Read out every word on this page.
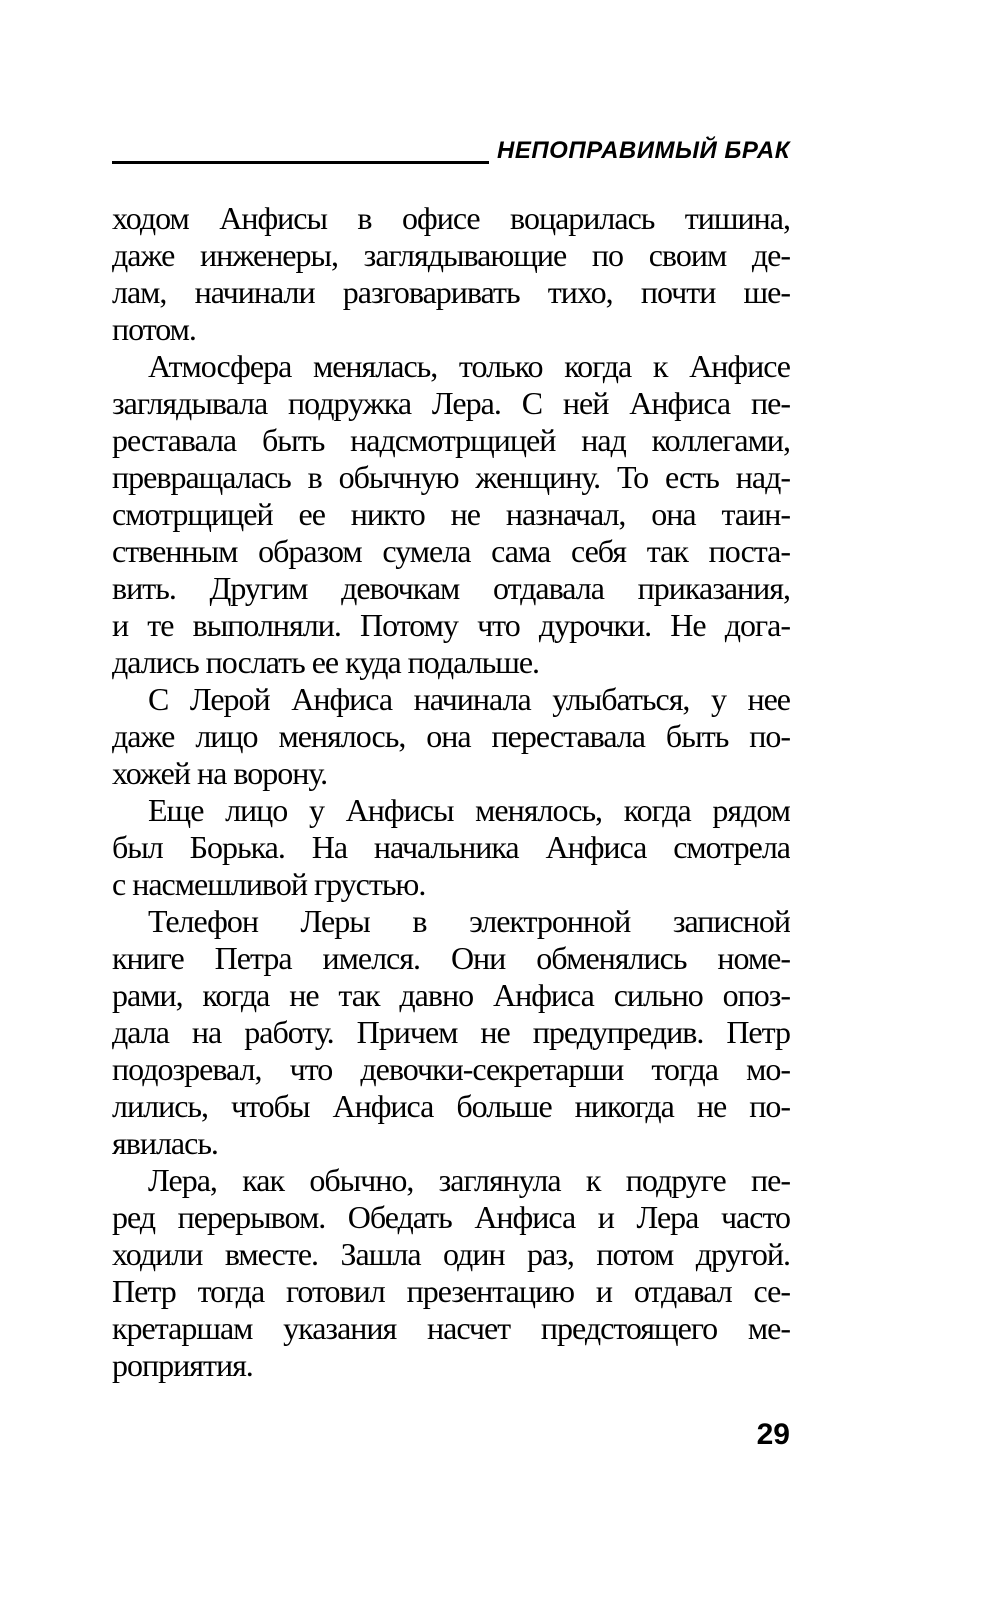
НЕПОПРАВИМЫЙ БРАК
ходом Анфисы в офисе воцарилась тишина,
даже инженеры, заглядывающие по своим де-
лам, начинали разговаривать тихо, почти ше-
потом.
Атмосфера менялась, только когда к Анфисе
заглядывала подружка Лера. С ней Анфиса пе-
реставала быть надсмотрщицей над коллегами,
превращалась в обычную женщину. То есть над-
смотрщицей ее никто не назначал, она таин-
ственным образом сумела сама себя так поста-
вить. Другим девочкам отдавала приказания,
и те выполняли. Потому что дурочки. Не дога-
дались послать ее куда подальше.
С Лерой Анфиса начинала улыбаться, у нее
даже лицо менялось, она переставала быть по-
хожей на ворону.
Еще лицо у Анфисы менялось, когда рядом
был Борька. На начальника Анфиса смотрела
с насмешливой грустью.
Телефон Леры в электронной записной
книге Петра имелся. Они обменялись номе-
рами, когда не так давно Анфиса сильно опоз-
дала на работу. Причем не предупредив. Петр
подозревал, что девочки-секретарши тогда мо-
лились, чтобы Анфиса больше никогда не по-
явилась.
Лера, как обычно, заглянула к подруге пе-
ред перерывом. Обедать Анфиса и Лера часто
ходили вместе. Зашла один раз, потом другой.
Петр тогда готовил презентацию и отдавал се-
кретаршам указания насчет предстоящего ме-
роприятия.
29
